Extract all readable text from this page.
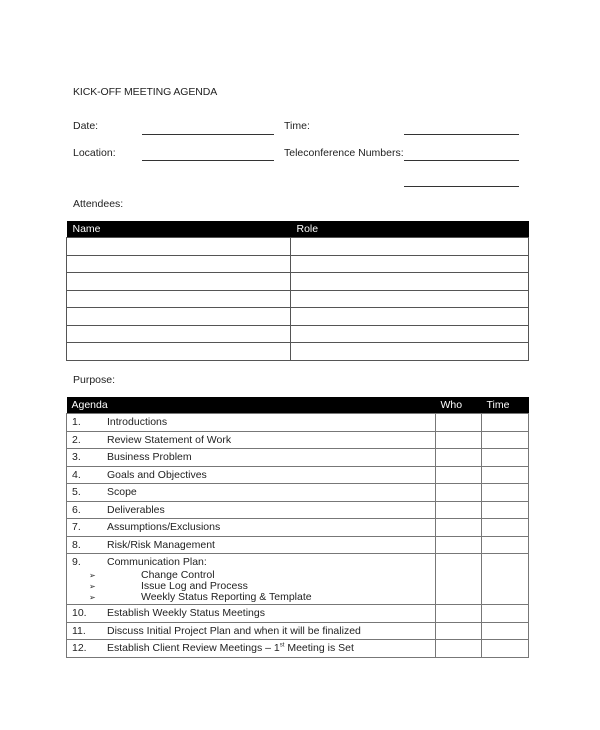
KICK-OFF MEETING AGENDA
Date:	Time:
Location:	Teleconference Numbers:
Attendees:
Name	Role

Purpose:
Agenda	Who	Time

1. Introductions		

2. Review Statement of Work		

3. Business Problem		

4. Goals and Objectives		

5. Scope		

6. Deliverables		

7. Assumptions/Exclusions		

8. Risk/Risk Management		

9. Communication Plan:
➢ Change Control
➢ Issue Log and Process
➢ Weekly Status Reporting & Template		

10. Establish Weekly Status Meetings		

11. Discuss Initial Project Plan and when it will be finalized		

12. Establish Client Review Meetings – 1st Meeting is Set		
